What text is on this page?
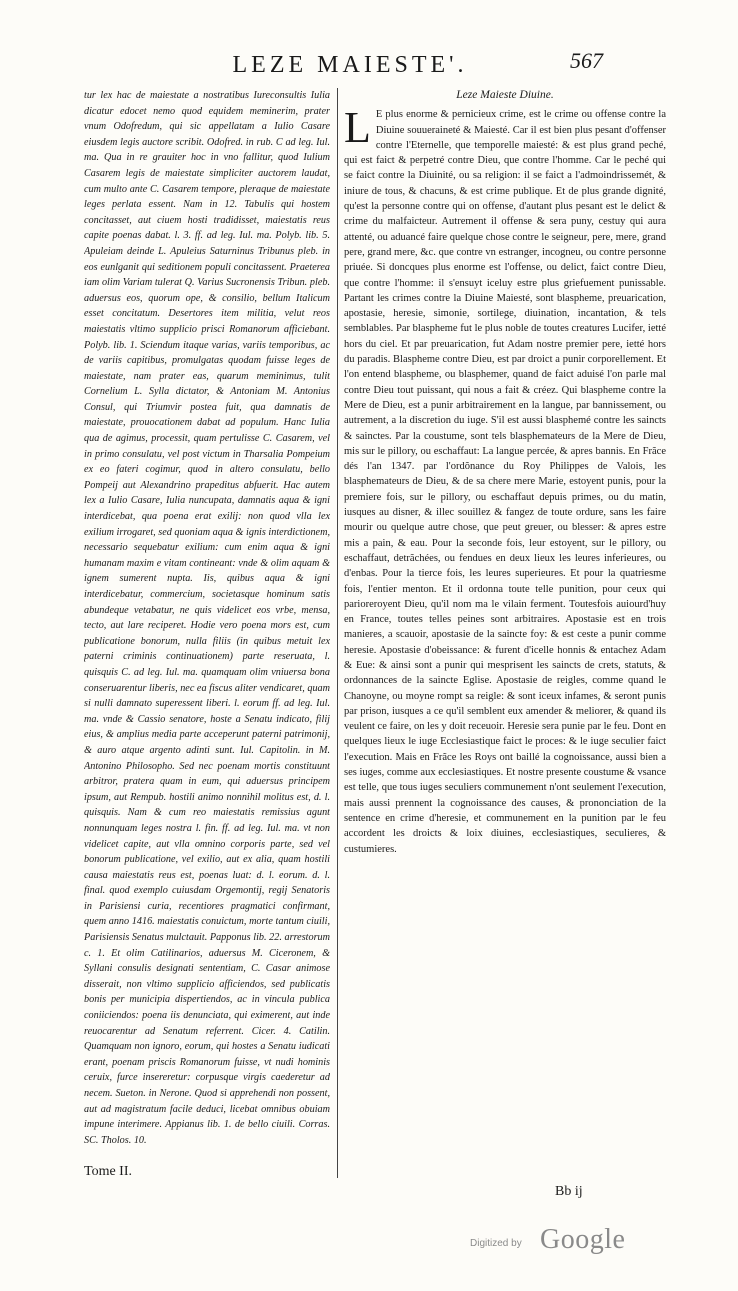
LEZE MAIESTE'.	567

tur lex hac de maiestate a nostratibus Iureconsultis Iulia dicatur edocet nemo quod equidem meminerim, prater vnum Odofredum, qui sic appellatam a Iulio Casare eiusdem legis auctore scribit. Odofred. in rub. C ad leg. Iul. ma. Qua in re grauiter hoc in vno fallitur, quod Iulium Casarem legis de maiestate simpliciter auctorem laudat, cum multo ante C. Casarem tempore, pleraque de maiestate leges perlata essent. Nam in 12. Tabulis qui hostem concitasset, aut ciuem hosti tradidisset, maiestatis reus capite poenas dabat. l. 3. ff. ad leg. Iul. ma. Polyb. lib. 5. Apuleiam deinde L. Apuleius Saturninus Tribunus pleb. in eos eunlganit qui seditionem populi concitassent. Praeterea iam olim Variam tulerat Q. Varius Sucronensis Tribun. pleb. aduersus eos, quorum ope, & consilio, bellum Italicum esset concitatum. Desertores item militia, velut reos maiestatis vltimo supplicio prisci Romanorum afficiebant. Polyb. lib. 1. Sciendum itaque varias, variis temporibus, ac de variis capitibus, promulgatas quodam fuisse leges de maiestate, nam prater eas, quarum meminimus, tulit Cornelium L. Sylla dictator, & Antoniam M. Antonius Consul, qui Triumvir postea fuit, qua damnatis de maiestate, prouocationem dabat ad populum. Hanc Iulia qua de agimus, processit, quam pertulisse C. Casarem, vel in primo consulatu, vel post victum in Tharsalia Pompeium ex eo fateri cogimur, quod in altero consulatu, bello Pompeij aut Alexandrino prapeditus abfuerit. Hac autem lex a Iulio Casare, Iulia nuncupata, damnatis aqua & igni interdicebat, qua poena erat exilij: non quod vlla lex exilium irrogaret, sed quoniam aqua & ignis interdictionem, necessario sequebatur exilium: cum enim aqua & igni humanam maxim e vitam contineant: vnde & olim aquam & ignem sumerent nupta. Iis, quibus aqua & igni interdicebatur, commercium, societasque hominum satis abundeque vetabatur, ne quis videlicet eos vrbe, mensa, tecto, aut lare reciperet. Hodie vero poena mors est, cum publicatione bonorum, nulla filiis (in quibus metuit lex paterni criminis continuationem) parte reseruata, l. quisquis C. ad leg. Iul. ma. quamquam olim vniuersa bona conseruarentur liberis, nec ea fiscus aliter vendicaret, quam si nulli damnato superessent liberi. l. eorum ff. ad leg. Iul. ma. vnde & Cassio senatore, hoste a Senatu indicato, filij eius, & amplius media parte acceperunt paterni patrimonij, & auro atque argento adinti sunt. Iul. Capitolin. in M. Antonino Philosopho. Sed nec poenam mortis constituunt arbitror, pratera quam in eum, qui aduersus principem ipsum, aut Rempub. hostili animo nonnihil molitus est, d. l. quisquis. Nam & cum reo maiestatis remissius agunt nonnunquam leges nostra l. fin. ff. ad leg. Iul. ma. vt non videlicet capite, aut vlla omnino corporis parte, sed vel bonorum publicatione, vel exilio, aut ex alia, quam hostili causa maiestatis reus est, poenas luat: d. l. eorum. d. l. final. quod exemplo cuiusdam Orgemontij, regij Senatoris in Parisiensi curia, recentiores pragmatici confirmant, quem anno 1416. maiestatis conuictum, morte tantum ciuili, Parisiensis Senatus mulctauit. Papponus lib. 22. arrestorum c. 1. Et olim Catilinarios, aduersus M. Ciceronem, & Syllani consulis designati sententiam, C. Casar animose disserait, non vltimo supplicio afficiendos, sed publicatis bonis per municipia dispertiendos, ac in vincula publica coniiciendos: poena iis denunciata, qui eximerent, aut inde reuocarentur ad Senatum referrent. Cicer. 4. Catilin. Quamquam non ignoro, eorum, qui hostes a Senatu iudicati erant, poenam priscis Romanorum fuisse, vt nudi hominis ceruix, furce insereretur: corpusque virgis caederetur ad necem. Sueton. in Nerone. Quod si apprehendi non possent, aut ad magistratum facile deduci, licebat omnibus obuiam impune interimere. Appianus lib. 1. de bello ciuili. Corras. SC. Tholos. 10.

Leze Maieste Diuine.

L E plus enorme & pernicieux crime, est le crime ou offense contre la Diuine souueraineté & Maiesté. Car il est bien plus pesant d'offenser contre l'Eternelle, que temporelle maiesté: & est plus grand peché, qui est faict & perpetré contre Dieu, que contre l'homme. Car le peché qui se faict contre la Diuinité, ou sa religion: il se faict a l'admoindrissemét, & iniure de tous, & chacuns, & est crime publique. Et de plus grande dignité, qu'est la personne contre qui on offense, d'autant plus pesant est le delict & crime du malfaicteur. Autrement il offense & sera puny, cestuy qui aura attenté, ou aduancé faire quelque chose contre le seigneur, pere, mere, grand pere, grand mere, &c. que contre vn estranger, incogneu, ou contre personne priuée. Si doncques plus enorme est l'offense, ou delict, faict contre Dieu, que contre l'homme: il s'ensuyt iceluy estre plus griefuement punissable. Partant les crimes contre la Diuine Maiesté, sont blaspheme, preuarication, apostasie, heresie, simonie, sortilege, diuination, incantation, & tels semblables. Par blaspheme fut le plus noble de toutes creatures Lucifer, ietté hors du ciel. Et par preuarication, fut Adam nostre premier pere, ietté hors du paradis. Blaspheme contre Dieu, est par droict a punir corporellement. Et l'on entend blaspheme, ou blasphemer, quand de faict aduisé l'on parle mal contre Dieu tout puissant, qui nous a fait & créez. Qui blaspheme contre la Mere de Dieu, est a punir arbitrairement en la langue, par bannissement, ou autrement, a la discretion du iuge. S'il est aussi blasphemé contre les saincts & sainctes. Par la coustume, sont tels blasphemateurs de la Mere de Dieu, mis sur le pillory, ou eschaffaut: La langue percée, & apres bannis. En Frãce dés l'an 1347. par l'ordõnance du Roy Philippes de Valois, les blasphemateurs de Dieu, & de sa chere mere Marie, estoyent punis, pour la premiere fois, sur le pillory, ou eschaffaut depuis primes, ou du matin, iusques au disner, & illec souillez & fangez de toute ordure, sans les faire mourir ou quelque autre chose, que peut greuer, ou blesser: & apres estre mis a pain, & eau. Pour la seconde fois, leur estoyent, sur le pillory, ou eschaffaut, detrãchées, ou fendues en deux lieux les leures inferieures, ou d'enbas. Pour la tierce fois, les leures superieures. Et pour la quatriesme fois, l'entier menton. Et il ordonna toute telle punition, pour ceux qui parioreroyent Dieu, qu'il nom ma le vilain ferment. Toutesfois auiourd'huy en France, toutes telles peines sont arbitraires. Apostasie est en trois manieres, a scauoir, apostasie de la saincte foy: & est ceste a punir comme heresie. Apostasie d'obeissance: & furent d'icelle honnis & entachez Adam & Eue: & ainsi sont a punir qui mesprisent les saincts de crets, statuts, & ordonnances de la saincte Eglise. Apostasie de reigles, comme quand le Chanoyne, ou moyne rompt sa reigle: & sont iceux infames, & seront punis par prison, iusques a ce qu'il semblent eux amender & meliorer, & quand ils veulent ce faire, on les y doit receuoir. Heresie sera punie par le feu. Dont en quelques lieux le iuge Ecclesiastique faict le proces: & le iuge seculier faict l'execution. Mais en Frãce les Roys ont baillé la cognoissance, aussi bien a ses iuges, comme aux ecclesiastiques. Et nostre presente coustume & vsance est telle, que tous iuges seculiers communement n'ont seulement l'execution, mais aussi prennent la cognoissance des causes, & prononciation de la sentence en crime d'heresie, et communement en la punition par le feu accordent les droicts & loix diuines, ecclesiastiques, seculieres, & custumieres.

Tome II.
Bb ij
Digitized by Google
